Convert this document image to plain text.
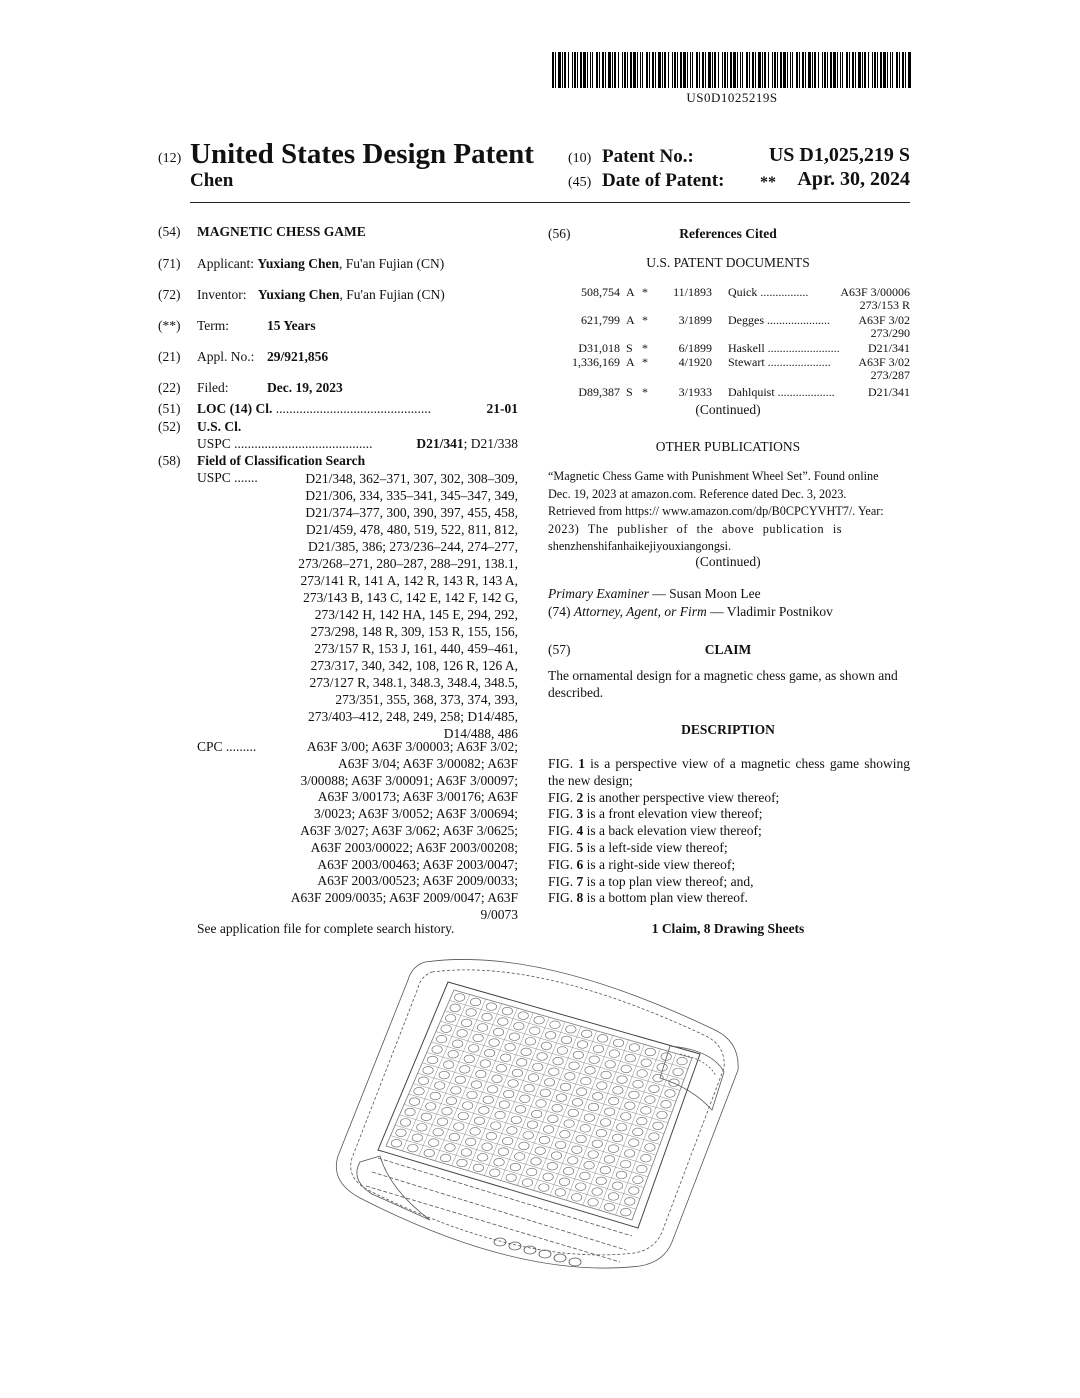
US0D1025219S
(12) United States Design Patent
Chen
(10) Patent No.:	US D1,025,219 S
(45) Date of Patent: ** Apr. 30, 2024
(54) MAGNETIC CHESS GAME
(71) Applicant: Yuxiang Chen, Fu'an Fujian (CN)
(72) Inventor: Yuxiang Chen, Fu'an Fujian (CN)
(**) Term:	15 Years
(21) Appl. No.: 29/921,856
(22) Filed:	Dec. 19, 2023
(51) LOC (14) Cl. ..............................................	21-01
(52) U.S. Cl.
USPC .........................................	D21/341; D21/338
(58) Field of Classification Search
USPC .......	D21/348, 362–371, 307, 302, 308–309,
D21/306, 334, 335–341, 345–347, 349,
D21/374–377, 300, 390, 397, 455, 458,
D21/459, 478, 480, 519, 522, 811, 812,
D21/385, 386; 273/236–244, 274–277,
273/268–271, 280–287, 288–291, 138.1,
273/141 R, 141 A, 142 R, 143 R, 143 A,
273/143 B, 143 C, 142 E, 142 F, 142 G,
273/142 H, 142 HA, 145 E, 294, 292,
273/298, 148 R, 309, 153 R, 155, 156,
273/157 R, 153 J, 161, 440, 459–461,
273/317, 340, 342, 108, 126 R, 126 A,
273/127 R, 348.1, 348.3, 348.4, 348.5,
273/351, 355, 368, 373, 374, 393,
273/403–412, 248, 249, 258; D14/485,
D14/488, 486
CPC .........	A63F 3/00; A63F 3/00003; A63F 3/02;
A63F 3/04; A63F 3/00082; A63F
3/00088; A63F 3/00091; A63F 3/00097;
A63F 3/00173; A63F 3/00176; A63F
3/0023; A63F 3/0052; A63F 3/00694;
A63F 3/027; A63F 3/062; A63F 3/0625;
A63F 2003/00022; A63F 2003/00208;
A63F 2003/00463; A63F 2003/0047;
A63F 2003/00523; A63F 2009/0033;
A63F 2009/0035; A63F 2009/0047; A63F
9/0073
See application file for complete search history.
(56)	References Cited
U.S. PATENT DOCUMENTS
508,754 A *	11/1893 Quick ................	A63F 3/00006
273/153 R
621,799 A *	3/1899 Degges .....................	A63F 3/02
273/290
D31,018 S *	6/1899 Haskell ........................	D21/341
1,336,169 A *	4/1920 Stewart .....................	A63F 3/02
273/287
D89,387 S *	3/1933 Dahlquist ...................	D21/341
(Continued)
OTHER PUBLICATIONS
“Magnetic Chess Game with Punishment Wheel Set”. Found online
Dec. 19, 2023 at amazon.com. Reference dated Dec. 3, 2023.
Retrieved from https:// www.amazon.com/dp/B0CPCYVHT7/. Year:
2023) The publisher of the above publication is
shenzhenshifanhaikejiyouxiangongsi.
(Continued)
Primary Examiner — Susan Moon Lee
(74) Attorney, Agent, or Firm — Vladimir Postnikov
(57)	CLAIM
The ornamental design for a magnetic chess game, as shown and described.
DESCRIPTION
FIG. 1 is a perspective view of a magnetic chess game showing the new design;
FIG. 2 is another perspective view thereof;
FIG. 3 is a front elevation view thereof;
FIG. 4 is a back elevation view thereof;
FIG. 5 is a left-side view thereof;
FIG. 6 is a right-side view thereof;
FIG. 7 is a top plan view thereof; and,
FIG. 8 is a bottom plan view thereof.
1 Claim, 8 Drawing Sheets
